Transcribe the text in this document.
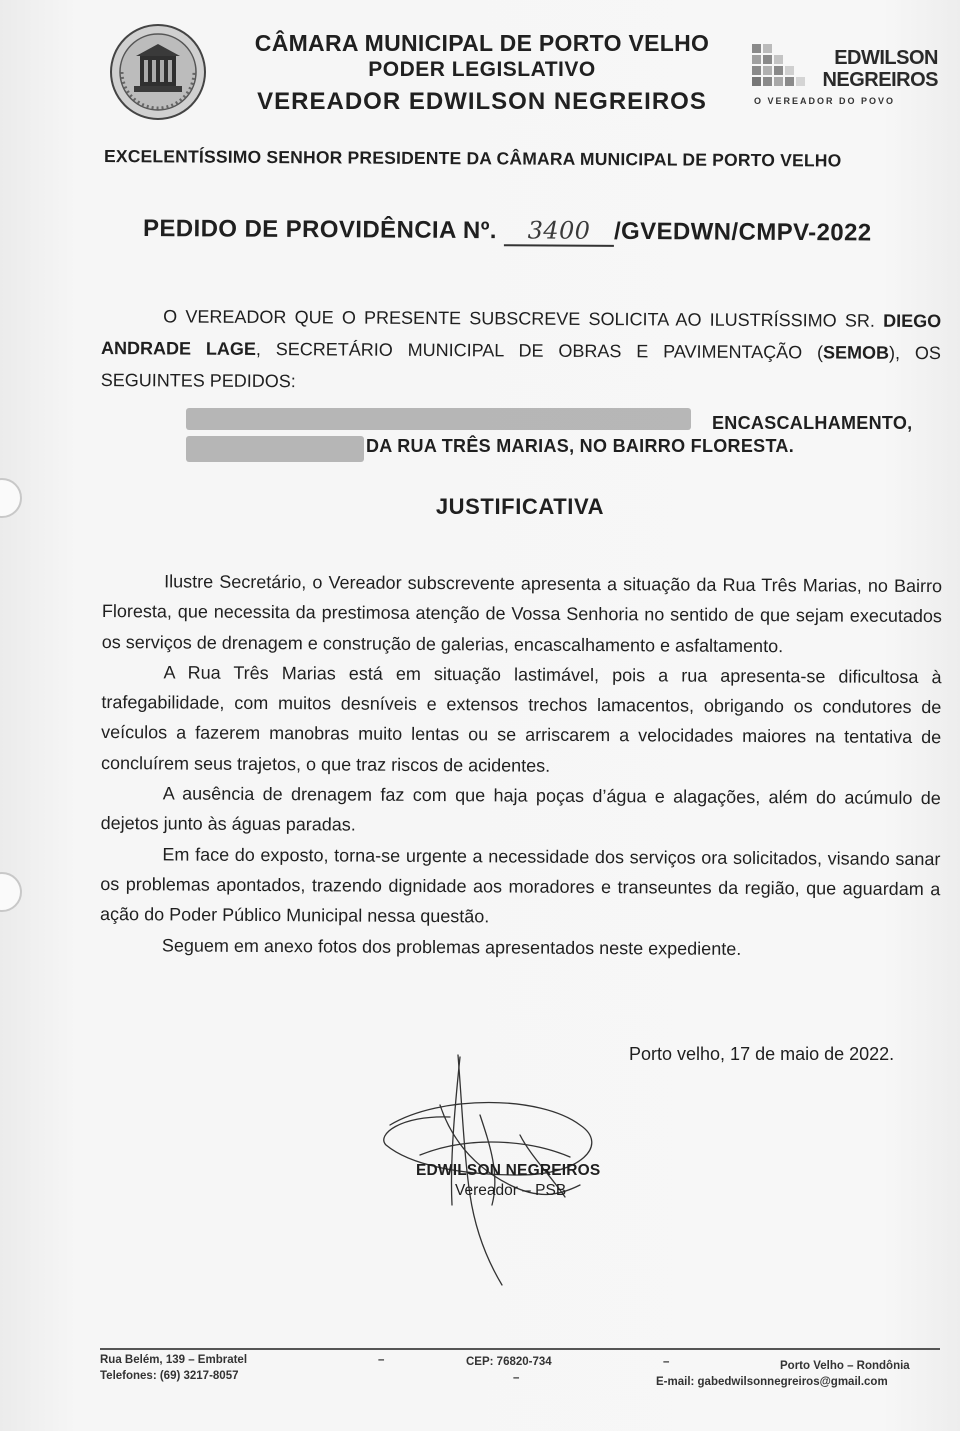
CÂMARA MUNICIPAL DE PORTO VELHO
PODER LEGISLATIVO
VEREADOR EDWILSON NEGREIROS
EDWILSON
NEGREIROS
O VEREADOR DO POVO
EXCELENTÍSSIMO SENHOR PRESIDENTE DA CÂMARA MUNICIPAL DE PORTO VELHO
PEDIDO DE PROVIDÊNCIA Nº. 3400 /GVEDWN/CMPV-2022
O VEREADOR QUE O PRESENTE SUBSCREVE SOLICITA AO ILUSTRÍSSIMO SR. DIEGO ANDRADE LAGE, SECRETÁRIO MUNICIPAL DE OBRAS E PAVIMENTAÇÃO (SEMOB), OS SEGUINTES PEDIDOS:
ENCASCALHAMENTO,
DA RUA TRÊS MARIAS, NO BAIRRO FLORESTA.
JUSTIFICATIVA

Ilustre Secretário, o Vereador subscrevente apresenta a situação da Rua Três Marias, no Bairro Floresta, que necessita da prestimosa atenção de Vossa Senhoria no sentido de que sejam executados os serviços de drenagem e construção de galerias, encascalhamento e asfaltamento.

A Rua Três Marias está em situação lastimável, pois a rua apresenta-se dificultosa à trafegabilidade, com muitos desníveis e extensos trechos lamacentos, obrigando os condutores de veículos a fazerem manobras muito lentas ou se arriscarem a velocidades maiores na tentativa de concluírem seus trajetos, o que traz riscos de acidentes.

A ausência de drenagem faz com que haja poças d’água e alagações, além do acúmulo de dejetos junto às águas paradas.

Em face do exposto, torna-se urgente a necessidade dos serviços ora solicitados, visando sanar os problemas apontados, trazendo dignidade aos moradores e transeuntes da região, que aguardam a ação do Poder Público Municipal nessa questão.

Seguem em anexo fotos dos problemas apresentados neste expediente.

Porto velho, 17 de maio de 2022.
EDWILSON NEGREIROS
Vereador – PSB
Rua Belém, 139 – Embratel
Telefones: (69) 3217-8057
–	CEP: 76820-734
–
–	Porto Velho – Rondônia
E-mail: gabedwilsonnegreiros@gmail.com
